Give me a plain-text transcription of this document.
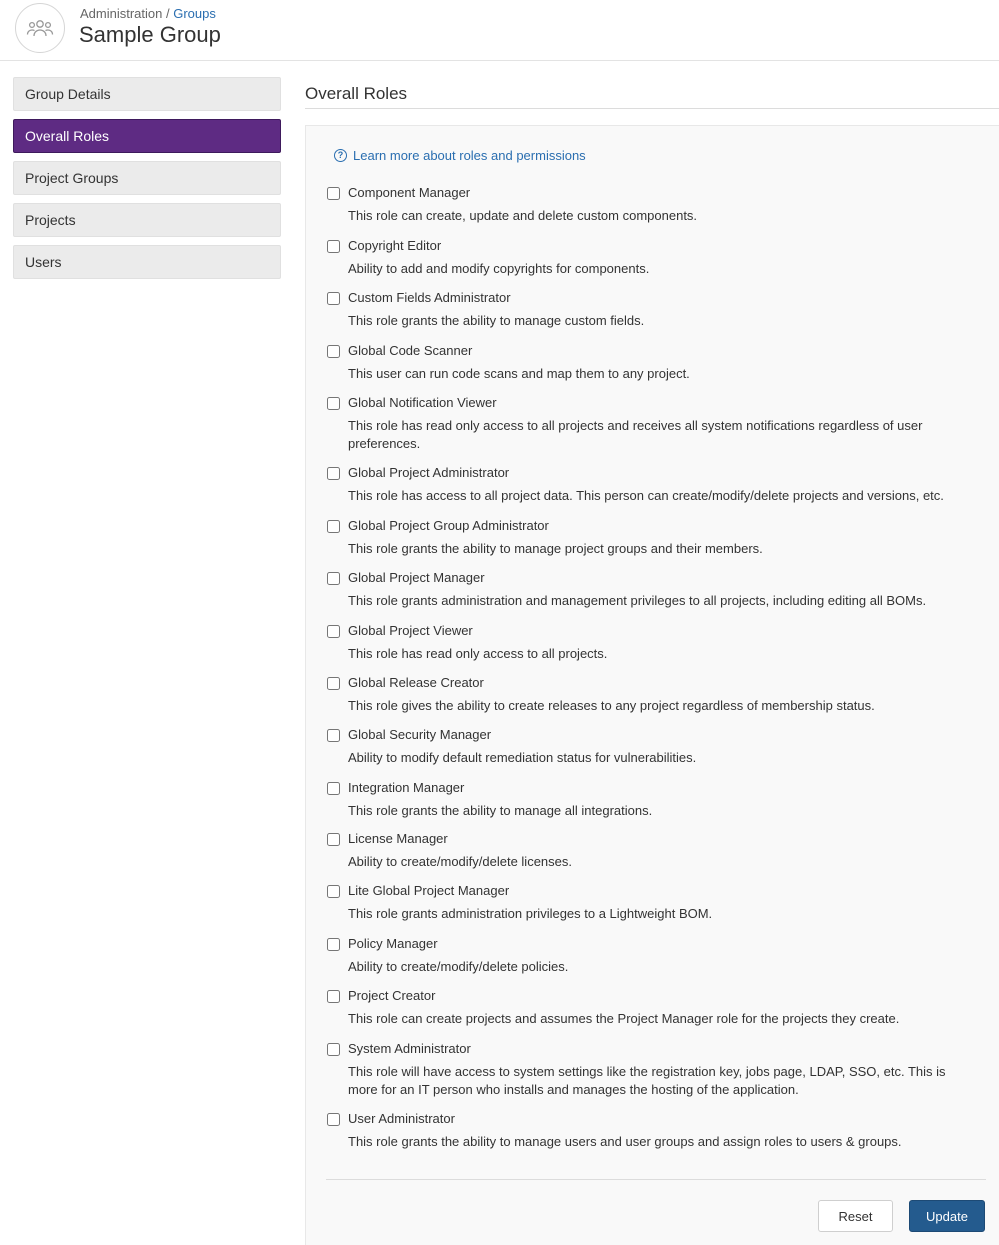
Administration / Groups
Sample Group
Group Details
Overall Roles
Project Groups
Projects
Users
Overall Roles
? Learn more about roles and permissions
Component Manager
This role can create, update and delete custom components.
Copyright Editor
Ability to add and modify copyrights for components.
Custom Fields Administrator
This role grants the ability to manage custom fields.
Global Code Scanner
This user can run code scans and map them to any project.
Global Notification Viewer
This role has read only access to all projects and receives all system notifications regardless of user preferences.
Global Project Administrator
This role has access to all project data. This person can create/modify/delete projects and versions, etc.
Global Project Group Administrator
This role grants the ability to manage project groups and their members.
Global Project Manager
This role grants administration and management privileges to all projects, including editing all BOMs.
Global Project Viewer
This role has read only access to all projects.
Global Release Creator
This role gives the ability to create releases to any project regardless of membership status.
Global Security Manager
Ability to modify default remediation status for vulnerabilities.
Integration Manager
This role grants the ability to manage all integrations.
License Manager
Ability to create/modify/delete licenses.
Lite Global Project Manager
This role grants administration privileges to a Lightweight BOM.
Policy Manager
Ability to create/modify/delete policies.
Project Creator
This role can create projects and assumes the Project Manager role for the projects they create.
System Administrator
This role will have access to system settings like the registration key, jobs page, LDAP, SSO, etc. This is more for an IT person who installs and manages the hosting of the application.
User Administrator
This role grants the ability to manage users and user groups and assign roles to users & groups.
Reset	Update
